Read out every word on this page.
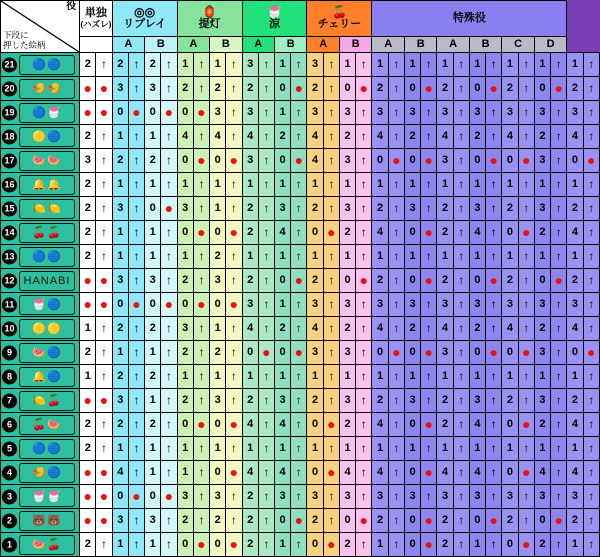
役
下段に
押した絵柄	単独
(ハズレ)		◎◎
リプレイ				🏮
提灯				🍧
涼				🍒
チェリー				特殊役													

			A		B		A		B		A		B		A		B		A		B		A		B		C		D			

21 🔵🔵	2	↑	2	↑	2	↑	1	↑	1	↑	3	↑	1	↑	3	↑	1	↑	1	↑	1	↑	1	↑	1	↑	1	↑	1	↑	1	↑

20 🍤🍤	●	●	3	↑	3	↑	2	↑	2	↑	2	↑	0	●	2	↑	0	●	2	↑	0	●	2	↑	0	●	2	↑	0	●	2	↑

19 🔵🍧	●	●	0	●	0	●	0	●	3	↑	3	↑	1	↑	3	↑	3	↑	3	↑	3	↑	3	↑	3	↑	3	↑	3	↑	3	↑

18 🟡🔵	2	↑	1	↑	1	↑	4	↑	4	↑	4	↑	2	↑	4	↑	2	↑	4	↑	2	↑	4	↑	2	↑	4	↑	2	↑	4	↑

17 🍉🍉	3	↑	2	↑	2	↑	0	●	0	●	3	↑	0	●	4	↑	3	↑	0	●	0	●	3	↑	0	●	0	●	3	↑	0	●

16 🔔🔔	2	↑	1	↑	1	↑	1	↑	1	↑	1	↑	1	↑	1	↑	1	↑	1	↑	1	↑	1	↑	1	↑	1	↑	1	↑	1	↑

15 🍋🍋	2	↑	3	↑	0	●	3	↑	1	↑	2	↑	3	↑	2	↑	3	↑	2	↑	3	↑	2	↑	3	↑	2	↑	3	↑	2	↑

14 🍒🍒	2	↑	1	↑	1	↑	0	●	0	●	2	↑	4	↑	0	●	2	↑	4	↑	0	●	2	↑	4	↑	0	●	2	↑	4	↑

13 🔵🔵	2	↑	1	↑	1	↑	1	↑	2	↑	1	↑	1	↑	1	↑	1	↑	1	↑	1	↑	1	↑	1	↑	1	↑	1	↑	1	↑

12 HANABI	●	●	3	↑	3	↑	2	↑	3	↑	2	↑	0	●	2	↑	0	●	2	↑	0	●	2	↑	0	●	2	↑	0	●	2	↑

11 🍧🔵	●	●	0	●	0	●	0	●	0	●	3	↑	1	↑	3	↑	3	↑	3	↑	3	↑	3	↑	3	↑	3	↑	3	↑	3	↑

10 🟡🟡	1	↑	2	↑	2	↑	3	↑	1	↑	4	↑	2	↑	4	↑	2	↑	4	↑	2	↑	4	↑	2	↑	4	↑	2	↑	4	↑

9 🍉🔵	2	↑	1	↑	1	↑	2	↑	2	↑	0	●	0	●	3	↑	3	↑	0	●	0	●	3	↑	0	●	0	●	3	↑	0	●

8 🔔🔵	1	↑	2	↑	2	↑	1	↑	1	↑	1	↑	1	↑	1	↑	1	↑	1	↑	1	↑	1	↑	1	↑	1	↑	1	↑	1	↑

7 🍋🍒	●	●	3	↑	1	↑	2	↑	3	↑	2	↑	3	↑	2	↑	3	↑	2	↑	3	↑	2	↑	3	↑	2	↑	3	↑	2	↑

6 🍒🍉	2	↑	2	↑	2	↑	0	●	0	●	4	↑	4	↑	0	●	2	↑	4	↑	0	●	2	↑	4	↑	0	●	2	↑	4	↑

5 🔵🔵	2	↑	1	↑	1	↑	1	↑	1	↑	1	↑	1	↑	1	↑	1	↑	1	↑	1	↑	1	↑	1	↑	1	↑	1	↑	1	↑

4 🍤🔵	●	●	4	↑	1	↑	1	↑	0	●	4	↑	4	↑	0	●	4	↑	4	↑	0	●	4	↑	4	↑	0	●	4	↑	4	↑

3 🍧🍧	●	●	0	●	0	●	3	↑	3	↑	2	↑	3	↑	3	↑	3	↑	3	↑	3	↑	3	↑	3	↑	3	↑	3	↑	3	↑

2 🐻🐻	●	●	3	↑	3	↑	2	↑	2	↑	2	↑	0	●	2	↑	0	●	2	↑	0	●	2	↑	0	●	2	↑	0	●	2	↑

1 🍉🍒	2	↑	1	↑	1	↑	0	●	0	●	2	↑	1	↑	0	●	2	↑	1	↑	0	●	2	↑	1	↑	0	●	2	↑	1	↑
